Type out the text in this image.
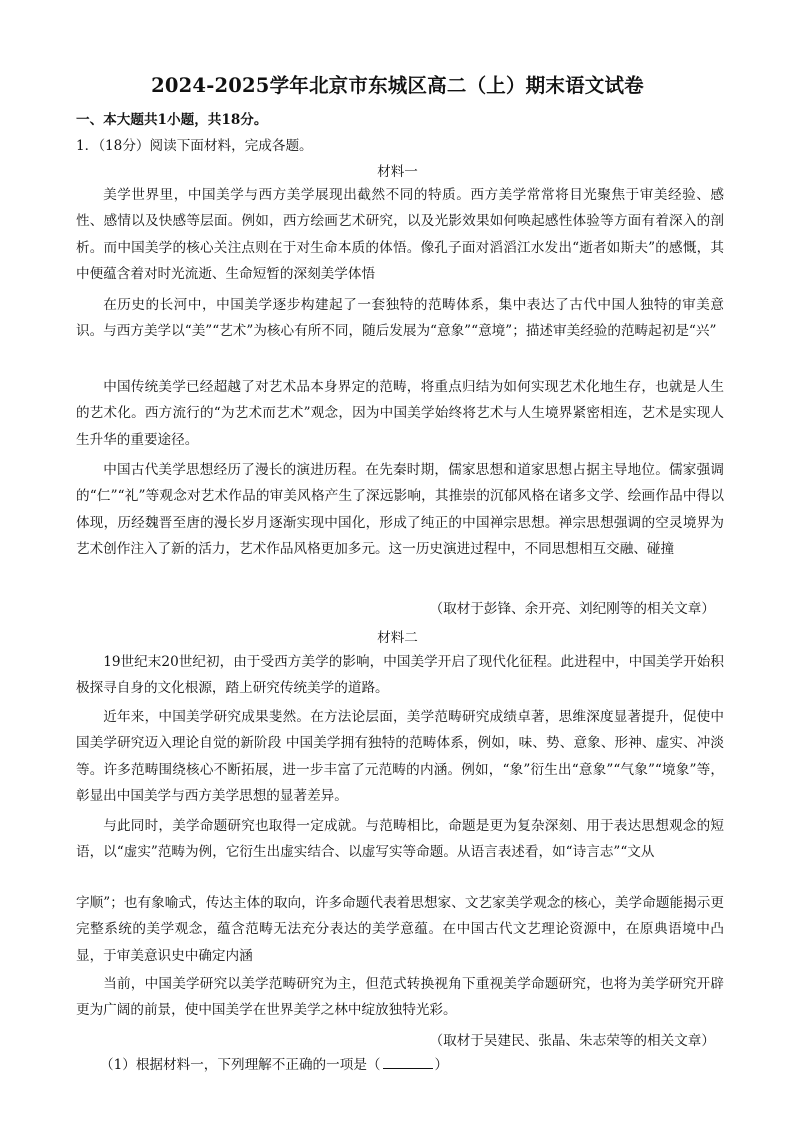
2024-2025学年北京市东城区高二（上）期末语文试卷
一、本大题共1小题，共18分。
1．（18分）阅读下面材料，完成各题。
材料一
美学世界里，中国美学与西方美学展现出截然不同的特质。西方美学常常将目光聚焦于审美经验、感性、感情以及快感等层面。例如，西方绘画艺术研究，以及光影效果如何唤起感性体验等方面有着深入的剖析。而中国美学的核心关注点则在于对生命本质的体悟。像孔子面对滔滔江水发出“逝者如斯夫”的感慨，其中便蕴含着对时光流逝、生命短暂的深刻美学体悟
在历史的长河中，中国美学逐步构建起了一套独特的范畴体系，集中表达了古代中国人独特的审美意识。与西方美学以“美”“艺术”为核心有所不同，随后发展为“意象”“意境”；描述审美经验的范畴起初是“兴”
中国传统美学已经超越了对艺术品本身界定的范畴，将重点归结为如何实现艺术化地生存，也就是人生的艺术化。西方流行的“为艺术而艺术”观念，因为中国美学始终将艺术与人生境界紧密相连，艺术是实现人生升华的重要途径。
中国古代美学思想经历了漫长的演进历程。在先秦时期，儒家思想和道家思想占据主导地位。儒家强调的“仁”“礼”等观念对艺术作品的审美风格产生了深远影响，其推崇的沉郁风格在诸多文学、绘画作品中得以体现，历经魏晋至唐的漫长岁月逐渐实现中国化，形成了纯正的中国禅宗思想。禅宗思想强调的空灵境界为艺术创作注入了新的活力，艺术作品风格更加多元。这一历史演进过程中，不同思想相互交融、碰撞
（取材于彭锋、余开亮、刘纪刚等的相关文章）
材料二
19世纪末20世纪初，由于受西方美学的影响，中国美学开启了现代化征程。此进程中，中国美学开始积极探寻自身的文化根源，踏上研究传统美学的道路。
近年来，中国美学研究成果斐然。在方法论层面，美学范畴研究成绩卓著，思维深度显著提升，促使中国美学研究迈入理论自觉的新阶段 中国美学拥有独特的范畴体系，例如，味、势、意象、形神、虚实、冲淡等。许多范畴围绕核心不断拓展，进一步丰富了元范畴的内涵。例如，“象”衍生出“意象”“气象”“境象”等，彰显出中国美学与西方美学思想的显著差异。
与此同时，美学命题研究也取得一定成就。与范畴相比，命题是更为复杂深刻、用于表达思想观念的短语，以“虚实”范畴为例，它衍生出虚实结合、以虚写实等命题。从语言表述看，如“诗言志”“文从
字顺”；也有象喻式，传达主体的取向，许多命题代表着思想家、文艺家美学观念的核心，美学命题能揭示更完整系统的美学观念，蕴含范畴无法充分表达的美学意蕴。在中国古代文艺理论资源中，在原典语境中凸显，于审美意识史中确定内涵
当前，中国美学研究以美学范畴研究为主，但范式转换视角下重视美学命题研究，也将为美学研究开辟更为广阔的前景，使中国美学在世界美学之林中绽放独特光彩。
（取材于吴建民、张晶、朱志荣等的相关文章）
（1）根据材料一，下列理解不正确的一项是（	）
